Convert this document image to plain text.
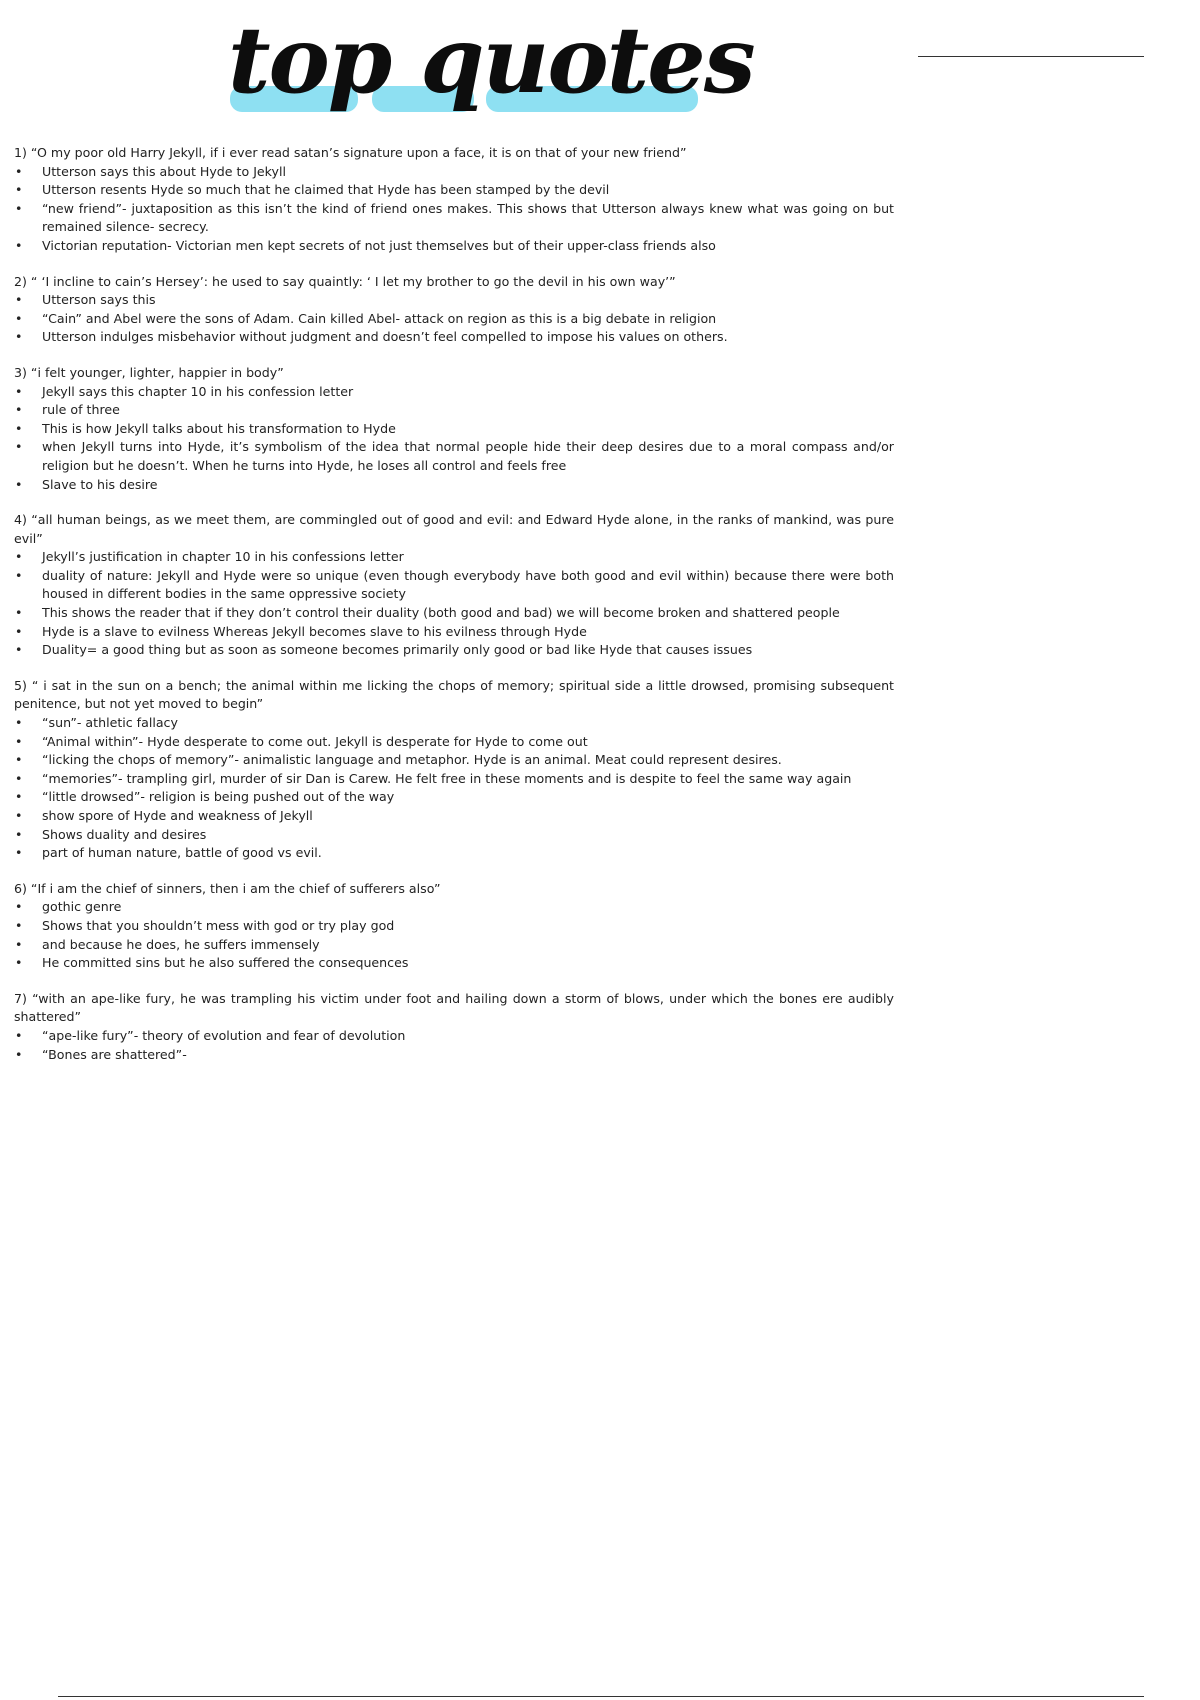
top quotes

1) “O my poor old Harry Jekyll, if i ever read satan’s signature upon a face, it is on that of your new friend”

• Utterson says this about Hyde to Jekyll
• Utterson resents Hyde so much that he claimed that Hyde has been stamped by the devil
• “new friend”- juxtaposition as this isn’t the kind of friend ones makes. This shows that Utterson always knew what was going on but remained silence- secrecy.
• Victorian reputation- Victorian men kept secrets of not just themselves but of their upper-class friends also

2) “ ‘I incline to cain’s Hersey’: he used to say quaintly: ‘ I let my brother to go the devil in his own way’”

• Utterson says this
• “Cain” and Abel were the sons of Adam. Cain killed Abel- attack on region as this is a big debate in religion
• Utterson indulges misbehavior without judgment and doesn’t feel compelled to impose his values on others.

3) “i felt younger, lighter, happier in body”

• Jekyll says this chapter 10 in his confession letter
• rule of three
• This is how Jekyll talks about his transformation to Hyde
• when Jekyll turns into Hyde, it’s symbolism of the idea that normal people hide their deep desires due to a moral compass and/or religion but he doesn’t. When he turns into Hyde, he loses all control and feels free
• Slave to his desire

4) “all human beings, as we meet them, are commingled out of good and evil: and Edward Hyde alone, in the ranks of mankind, was pure evil”

• Jekyll’s justification in chapter 10 in his confessions letter
• duality of nature: Jekyll and Hyde were so unique (even though everybody have both good and evil within) because there were both housed in different bodies in the same oppressive society
• This shows the reader that if they don’t control their duality (both good and bad) we will become broken and shattered people
• Hyde is a slave to evilness Whereas Jekyll becomes slave to his evilness through Hyde
• Duality= a good thing but as soon as someone becomes primarily only good or bad like Hyde that causes issues

5) “ i sat in the sun on a bench; the animal within me licking the chops of memory; spiritual side a little drowsed, promising subsequent penitence, but not yet moved to begin”

• “sun”- athletic fallacy
• “Animal within”- Hyde desperate to come out. Jekyll is desperate for Hyde to come out
• “licking the chops of memory”- animalistic language and metaphor. Hyde is an animal. Meat could represent desires.
• “memories”- trampling girl, murder of sir Dan is Carew. He felt free in these moments and is despite to feel the same way again
• “little drowsed”- religion is being pushed out of the way
• show spore of Hyde and weakness of Jekyll
• Shows duality and desires
• part of human nature, battle of good vs evil.

6) “If i am the chief of sinners, then i am the chief of sufferers also”

• gothic genre
• Shows that you shouldn’t mess with god or try play god
• and because he does, he suffers immensely
• He committed sins but he also suffered the consequences

7) “with an ape-like fury, he was trampling his victim under foot and hailing down a storm of blows, under which the bones ere audibly shattered”

• “ape-like fury”- theory of evolution and fear of devolution
• “Bones are shattered”-
